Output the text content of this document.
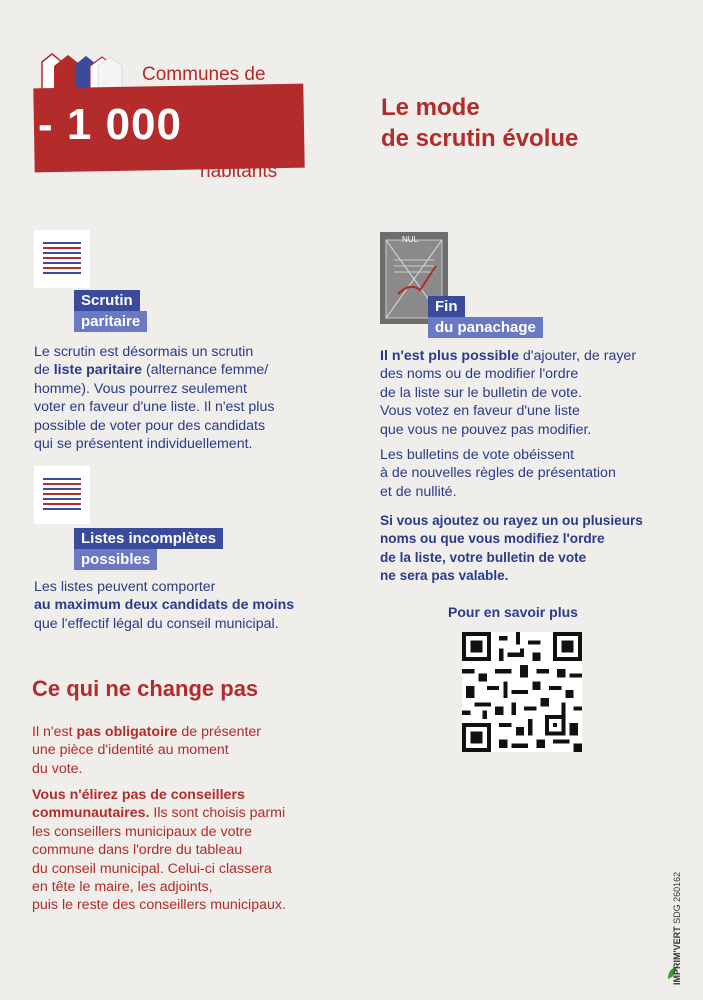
- 1 000
Communes de
habitants
Le mode
de scrutin évolue
Scrutin
paritaire
Le scrutin est désormais un scrutin
de liste paritaire (alternance femme/
homme). Vous pourrez seulement
voter en faveur d'une liste. Il n'est plus
possible de voter pour des candidats
qui se présentent individuellement.
Listes incomplètes
possibles
Les listes peuvent comporter
au maximum deux candidats de moins
que l'effectif légal du conseil municipal.
Ce qui ne change pas
Il n'est pas obligatoire de présenter
une pièce d'identité au moment
du vote.
Vous n'élirez pas de conseillers
communautaires. Ils sont choisis parmi
les conseillers municipaux de votre
commune dans l'ordre du tableau
du conseil municipal. Celui-ci classera
en tête le maire, les adjoints,
puis le reste des conseillers municipaux.
NUL
Fin
du panachage
Il n'est plus possible d'ajouter, de rayer
des noms ou de modifier l'ordre
de la liste sur le bulletin de vote.
Vous votez en faveur d'une liste
que vous ne pouvez pas modifier.
Les bulletins de vote obéissent
à de nouvelles règles de présentation
et de nullité.
Si vous ajoutez ou rayez un ou plusieurs
noms ou que vous modifiez l'ordre
de la liste, votre bulletin de vote
ne sera pas valable.
Pour en savoir plus
IMPRIM'VERT SDG 260162
